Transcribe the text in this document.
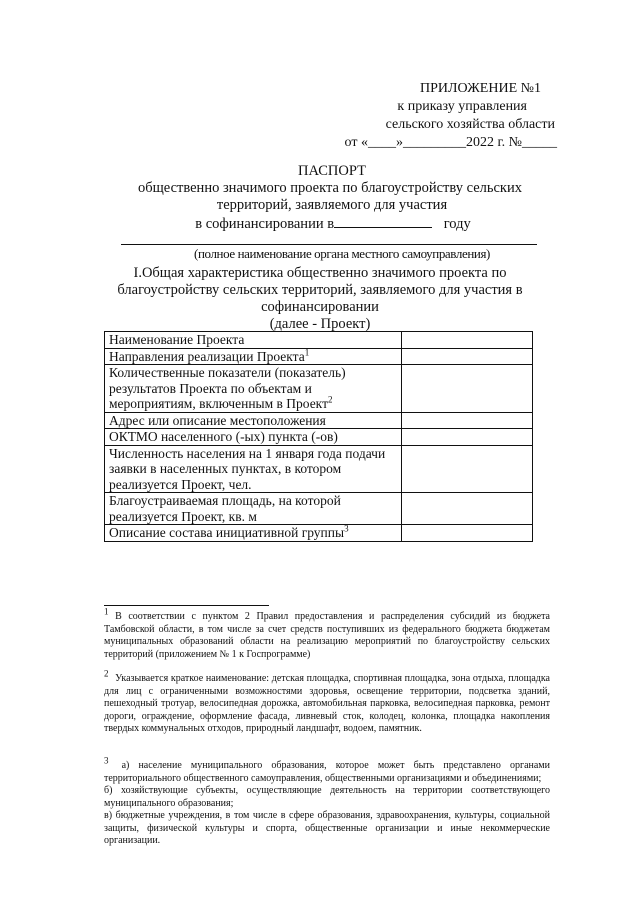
ПРИЛОЖЕНИЕ №1
к приказу управления
сельского хозяйства области
от «____»_________2022 г. №_____
ПАСПОРТ
общественно значимого проекта по благоустройству сельских
территорий, заявляемого для участия
в софинансировании в	году
(полное наименование органа местного самоуправления)
I.Общая характеристика общественно значимого проекта по
благоустройству сельских территорий, заявляемого для участия в
софинансировании
(далее - Проект)
Наименование Проекта	
Направления реализации Проекта$^1$	
Количественные показатели (показатель) результатов Проекта по объектам и мероприятиям, включенным в Проект$^2$	
Адрес или описание местоположения	
ОКТМО населенного (-ых) пункта (-ов)	
Численность населения на 1 января года подачи заявки в населенных пунктах, в котором реализуется Проект, чел.	
Благоустраиваемая площадь, на которой реализуется Проект, кв. м	
Описание состава инициативной группы$^3$	
$^1$ В соответствии с пунктом 2 Правил предоставления и распределения субсидий из бюджета Тамбовской области, в том числе за счет средств поступивших из федерального бюджета бюджетам муниципальных образований области на реализацию мероприятий по благоустройству сельских территорий (приложением № 1 к Госпрограмме)
$^2$ Указывается краткое наименование: детская площадка, спортивная площадка, зона отдыха, площадка для лиц с ограниченными возможностями здоровья, освещение территории, подсветка зданий, пешеходный тротуар, велосипедная дорожка, автомобильная парковка, велосипедная парковка, ремонт дороги, ограждение, оформление фасада, ливневый сток, колодец, колонка, площадка накопления твердых коммунальных отходов, природный ландшафт, водоем, памятник.
$^3$ а) население муниципального образования, которое может быть представлено органами территориального общественного самоуправления, общественными организациями и объединениями;
б) хозяйствующие субъекты, осуществляющие деятельность на территории соответствующего муниципального образования;
в) бюджетные учреждения, в том числе в сфере образования, здравоохранения, культуры, социальной защиты, физической культуры и спорта, общественные организации и иные некоммерческие организации.
